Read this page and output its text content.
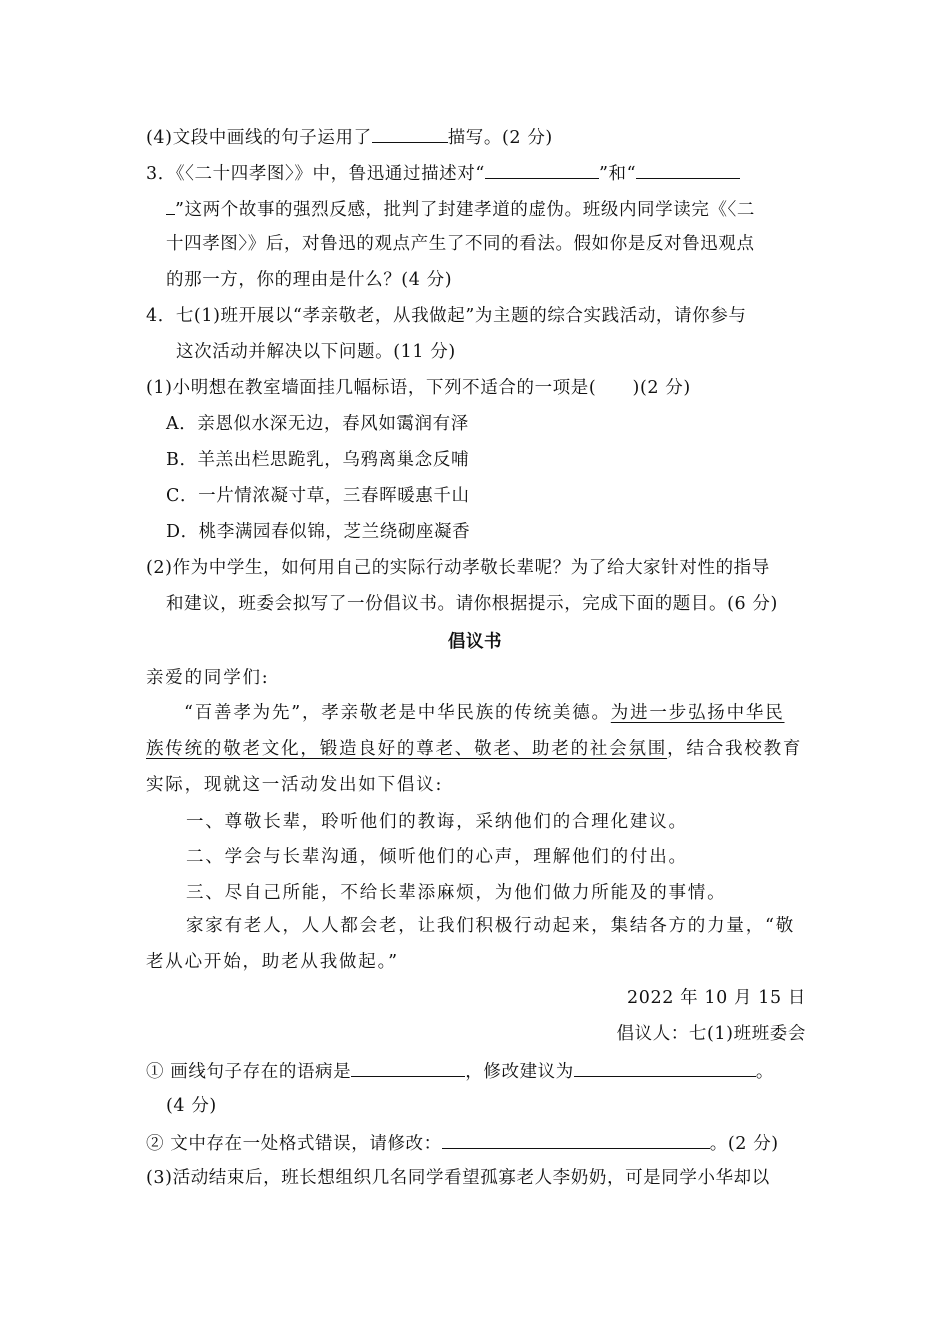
(4)文段中画线的句子运用了	描写。(2 分)
3．《〈二十四孝图〉》中，鲁迅通过描述对“	”和“
”这两个故事的强烈反感，批判了封建孝道的虚伪。班级内同学读完《〈二
十四孝图〉》后，对鲁迅的观点产生了不同的看法。假如你是反对鲁迅观点
的那一方，你的理由是什么？(4 分)
4．七(1)班开展以“孝亲敬老，从我做起”为主题的综合实践活动，请你参与
这次活动并解决以下问题。(11 分)
(1)小明想在教室墙面挂几幅标语，下列不适合的一项是(　　)(2 分)
A．亲恩似水深无边，春风如霭润有泽
B．羊羔出栏思跪乳，乌鸦离巢念反哺
C．一片情浓凝寸草，三春晖暖惠千山
D．桃李满园春似锦，芝兰绕砌座凝香
(2)作为中学生，如何用自己的实际行动孝敬长辈呢？为了给大家针对性的指导
和建议，班委会拟写了一份倡议书。请你根据提示，完成下面的题目。(6 分)
倡议书
亲爱的同学们:
“百善孝为先”，孝亲敬老是中华民族的传统美德。为进一步弘扬中华民
族传统的敬老文化，锻造良好的尊老、敬老、助老的社会氛围，结合我校教育
实际，现就这一活动发出如下倡议:
一、尊敬长辈，聆听他们的教诲，采纳他们的合理化建议。
二、学会与长辈沟通，倾听他们的心声，理解他们的付出。
三、尽自己所能，不给长辈添麻烦，为他们做力所能及的事情。
家家有老人，人人都会老，让我们积极行动起来，集结各方的力量，“敬
老从心开始，助老从我做起。”
2022 年 10 月 15 日
倡议人：七(1)班班委会
① 画线句子存在的语病是	，修改建议为	。
(4 分)
② 文中存在一处格式错误，请修改：	。(2 分)
(3)活动结束后，班长想组织几名同学看望孤寡老人李奶奶，可是同学小华却以
